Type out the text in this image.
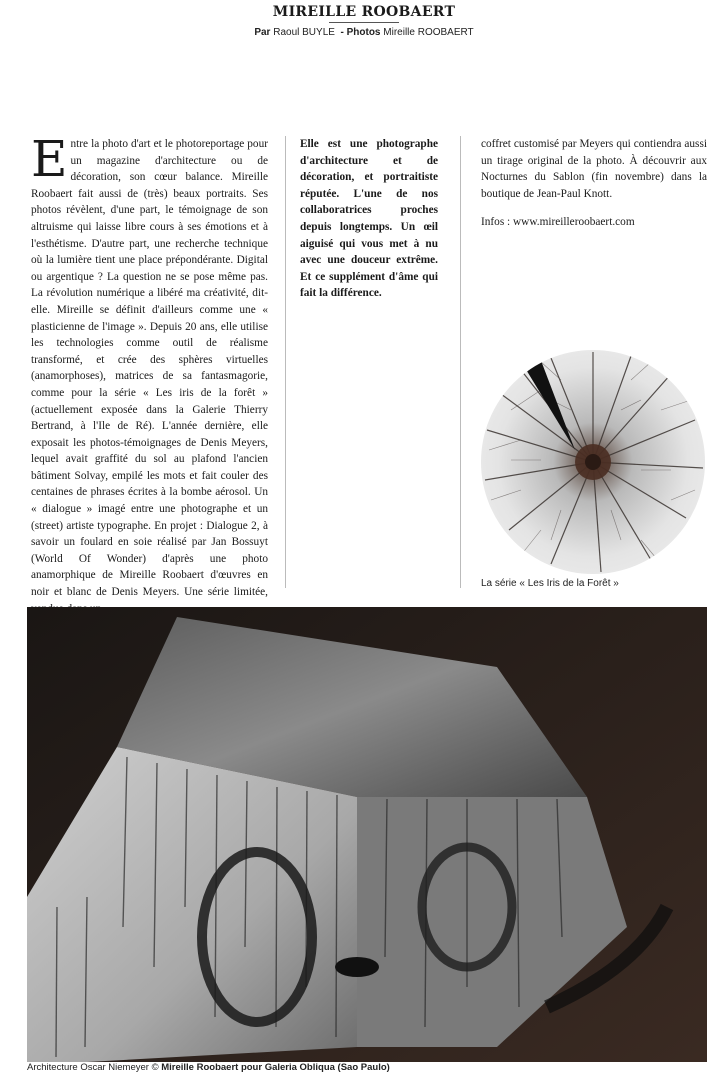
MIREILLE ROOBAERT
Par Raoul BUYLE - Photos Mireille ROOBAERT
Entre la photo d'art et le photoreportage pour un magazine d'architecture ou de décoration, son cœur balance. Mireille Roobaert fait aussi de (très) beaux portraits. Ses photos révèlent, d'une part, le témoignage de son altruisme qui laisse libre cours à ses émotions et à l'esthétisme. D'autre part, une recherche technique où la lumière tient une place prépondérante. Digital ou argentique ? La question ne se pose même pas. La révolution numérique a libéré ma créativité, dit-elle. Mireille se définit d'ailleurs comme une « plasticienne de l'image ». Depuis 20 ans, elle utilise les technologies comme outil de réalisme transformé, et crée des sphères virtuelles (anamorphoses), matrices de sa fantasmagorie, comme pour la série « Les iris de la forêt » (actuellement exposée dans la Galerie Thierry Bertrand, à l'Ile de Ré). L'année dernière, elle exposait les photos-témoignages de Denis Meyers, lequel avait graffité du sol au plafond l'ancien bâtiment Solvay, empilé les mots et fait couler des centaines de phrases écrites à la bombe aérosol. Un « dialogue » imagé entre une photographe et un (street) artiste typographe. En projet : Dialogue 2, à savoir un foulard en soie réalisé par Jan Bossuyt (World Of Wonder) d'après une photo anamorphique de Mireille Roobaert d'œuvres en noir et blanc de Denis Meyers. Une série limitée,
Elle est une photographe d'architecture et de décoration, et portraitiste réputée. L'une de nos collaboratrices proches depuis longtemps. Un œil aiguisé qui vous met à nu avec une douceur extrême. Et ce supplément d'âme qui fait la différence.

coffret customisé par Meyers qui contiendra aussi un tirage original de la photo. À découvrir aux Nocturnes du Sablon (fin novembre) dans la boutique de Jean-Paul Knott.

Infos : www.mireilleroobaert.com

La série « Les Iris de la Forêt »
Architecture Oscar Niemeyer © Mireille Roobaert pour Galeria Obliqua (Sao Paulo)
